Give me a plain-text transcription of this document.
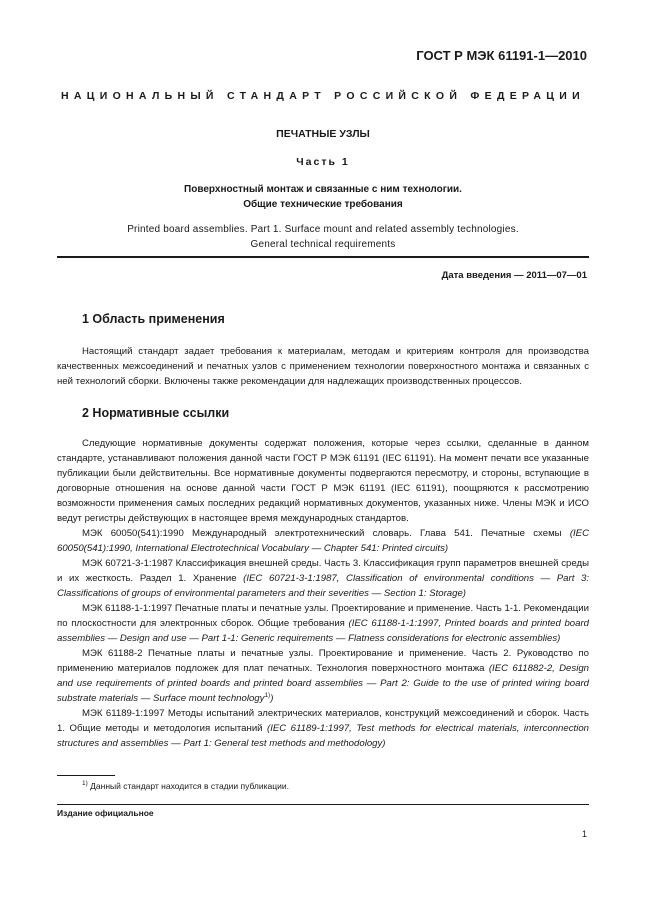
ГОСТ Р МЭК 61191-1—2010
НАЦИОНАЛЬНЫЙ СТАНДАРТ РОССИЙСКОЙ ФЕДЕРАЦИИ
ПЕЧАТНЫЕ УЗЛЫ
Часть 1
Поверхностный монтаж и связанные с ним технологии.
Общие технические требования
Printed board assemblies. Part 1. Surface mount and related assembly technologies.
General technical requirements
Дата введения — 2011—07—01
1 Область применения

Настоящий стандарт задает требования к материалам, методам и критериям контроля для производства качественных межсоединений и печатных узлов с применением технологии поверхностного монтажа и связанных с ней технологий сборки. Включены также рекомендации для надлежащих производственных процессов.

2 Нормативные ссылки

Следующие нормативные документы содержат положения, которые через ссылки, сделанные в данном стандарте, устанавливают положения данной части ГОСТ Р МЭК 61191 (IEC 61191). На момент печати все указанные публикации были действительны. Все нормативные документы подвергаются пересмотру, и стороны, вступающие в договорные отношения на основе данной части ГОСТ Р МЭК 61191 (IEC 61191), поощряются к рассмотрению возможности применения самых последних редакций нормативных документов, указанных ниже. Члены МЭК и ИСО ведут регистры действующих в настоящее время международных стандартов.

МЭК 60050(541):1990 Международный электротехнический словарь. Глава 541. Печатные схемы (IEC 60050(541):1990, International Electrotechnical Vocabulary — Chapter 541: Printed circuits)

МЭК 60721-3-1:1987 Классификация внешней среды. Часть 3. Классификация групп параметров внешней среды и их жесткость. Раздел 1. Хранение (IEC 60721-3-1:1987, Classification of environmental conditions — Part 3: Classifications of groups of environmental parameters and their severities — Section 1: Storage)

МЭК 61188-1-1:1997 Печатные платы и печатные узлы. Проектирование и применение. Часть 1-1. Рекомендации по плоскостности для электронных сборок. Общие требования (IEC 61188-1-1:1997, Printed boards and printed board assemblies — Design and use — Part 1-1: Generic requirements — Flatness considerations for electronic assemblies)

МЭК 61188-2 Печатные платы и печатные узлы. Проектирование и применение. Часть 2. Руководство по применению материалов подложек для плат печатных. Технология поверхностного монтажа (IEC 611882-2, Design and use requirements of printed boards and printed board assemblies — Part 2: Guide to the use of printed wiring board substrate materials — Surface mount technology$^{1)}$)

МЭК 61189-1:1997 Методы испытаний электрических материалов, конструкций межсоединений и сборок. Часть 1. Общие методы и методология испытаний (IEC 61189-1:1997, Test methods for electrical materials, interconnection structures and assemblies — Part 1: General test methods and methodology)

$^{1)}$ Данный стандарт находится в стадии публикации.
Издание официальное
1
